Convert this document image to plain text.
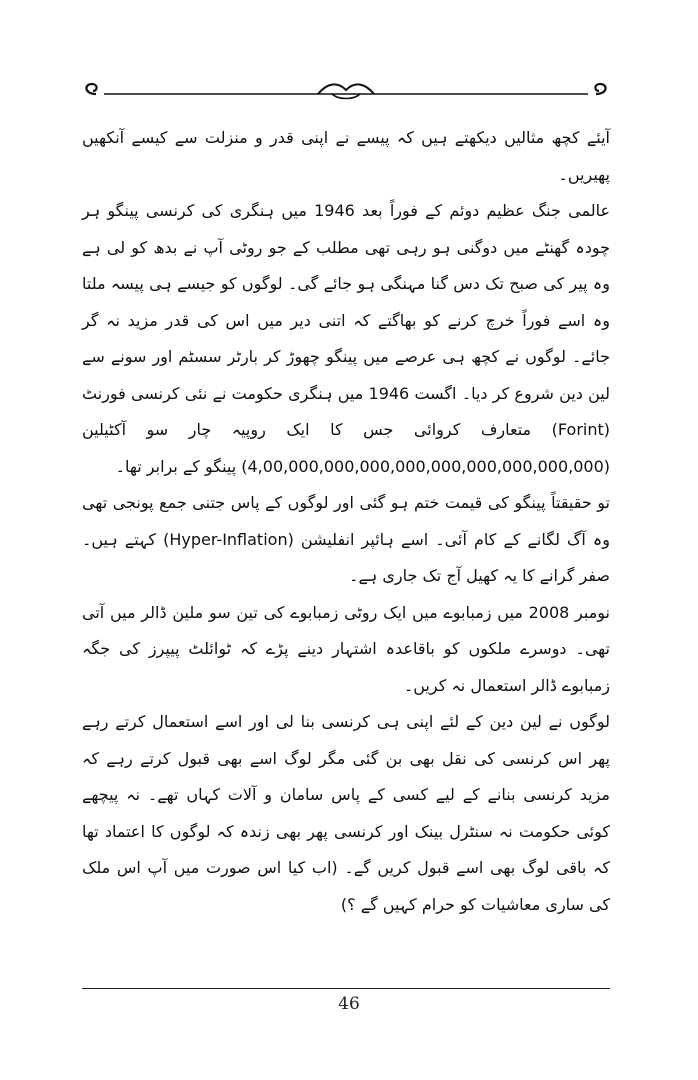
آیئے کچھ مثالیں دیکھتے ہیں کہ پیسے نے اپنی قدر و منزلت سے کیسے آنکھیں پھیریں۔

عالمی جنگ عظیم دوئم کے فوراً بعد 1946 میں ہنگری کی کرنسی پینگو ہر چودہ گھنٹے میں دوگنی ہو رہی تھی مطلب کے جو روٹی آپ نے بدھ کو لی ہے وہ پیر کی صبح تک دس گنا مہنگی ہو جائے گی۔ لوگوں کو جیسے ہی پیسہ ملتا وہ اسے فوراً خرچ کرنے کو بھاگتے کہ اتنی دیر میں اس کی قدر مزید نہ گر جائے۔ لوگوں نے کچھ ہی عرصے میں پینگو چھوڑ کر بارٹر سسٹم اور سونے سے لین دین شروع کر دیا۔ اگست 1946 میں ہنگری حکومت نے نئی کرنسی فورنٹ (Forint) متعارف کروائی جس کا ایک روپیہ چار سو آکٹیلین (4,00,000,000,000,000,000,000,000,000,000) پینگو کے برابر تھا۔

تو حقیقتاً پینگو کی قیمت ختم ہو گئی اور لوگوں کے پاس جتنی جمع پونجی تھی وہ آگ لگانے کے کام آئی۔ اسے ہائپر انفلیشن (Hyper-Inflation) کہتے ہیں۔ صفر گرانے کا یہ کھیل آج تک جاری ہے۔

نومبر 2008 میں زمبابوے میں ایک روٹی زمبابوے کی تین سو ملین ڈالر میں آتی تھی۔ دوسرے ملکوں کو باقاعدہ اشتہار دینے پڑے کہ ٹوائلٹ پیپرز کی جگہ زمبابوے ڈالر استعمال نہ کریں۔

لوگوں نے لین دین کے لئے اپنی ہی کرنسی بنا لی اور اسے استعمال کرتے رہے پھر اس کرنسی کی نقل بھی بن گئی مگر لوگ اسے بھی قبول کرتے رہے کہ مزید کرنسی بنانے کے لیے کسی کے پاس سامان و آلات کہاں تھے۔ نہ پیچھے کوئی حکومت نہ سنٹرل بینک اور کرنسی پھر بھی زندہ کہ لوگوں کا اعتماد تھا کہ باقی لوگ بھی اسے قبول کریں گے۔ (اب کیا اس صورت میں آپ اس ملک کی ساری معاشیات کو حرام کہیں گے ؟)

46
